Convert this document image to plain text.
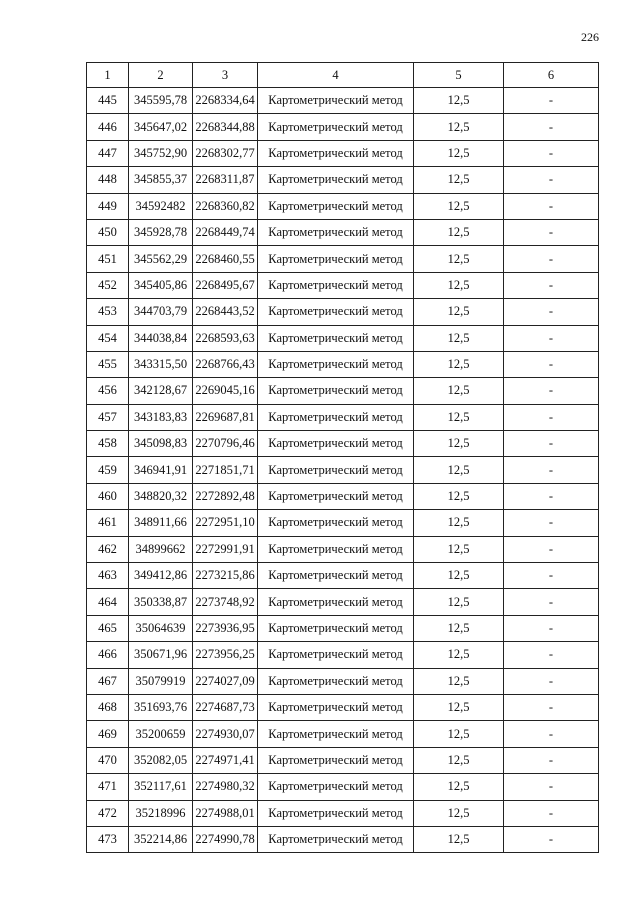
226
1	2	3	4	5	6
445	345595,78	2268334,64	Картометрический метод	12,5	-
446	345647,02	2268344,88	Картометрический метод	12,5	-
447	345752,90	2268302,77	Картометрический метод	12,5	-
448	345855,37	2268311,87	Картометрический метод	12,5	-
449	34592482	2268360,82	Картометрический метод	12,5	-
450	345928,78	2268449,74	Картометрический метод	12,5	-
451	345562,29	2268460,55	Картометрический метод	12,5	-
452	345405,86	2268495,67	Картометрический метод	12,5	-
453	344703,79	2268443,52	Картометрический метод	12,5	-
454	344038,84	2268593,63	Картометрический метод	12,5	-
455	343315,50	2268766,43	Картометрический метод	12,5	-
456	342128,67	2269045,16	Картометрический метод	12,5	-
457	343183,83	2269687,81	Картометрический метод	12,5	-
458	345098,83	2270796,46	Картометрический метод	12,5	-
459	346941,91	2271851,71	Картометрический метод	12,5	-
460	348820,32	2272892,48	Картометрический метод	12,5	-
461	348911,66	2272951,10	Картометрический метод	12,5	-
462	34899662	2272991,91	Картометрический метод	12,5	-
463	349412,86	2273215,86	Картометрический метод	12,5	-
464	350338,87	2273748,92	Картометрический метод	12,5	-
465	35064639	2273936,95	Картометрический метод	12,5	-
466	350671,96	2273956,25	Картометрический метод	12,5	-
467	35079919	2274027,09	Картометрический метод	12,5	-
468	351693,76	2274687,73	Картометрический метод	12,5	-
469	35200659	2274930,07	Картометрический метод	12,5	-
470	352082,05	2274971,41	Картометрический метод	12,5	-
471	352117,61	2274980,32	Картометрический метод	12,5	-
472	35218996	2274988,01	Картометрический метод	12,5	-
473	352214,86	2274990,78	Картометрический метод	12,5	-
